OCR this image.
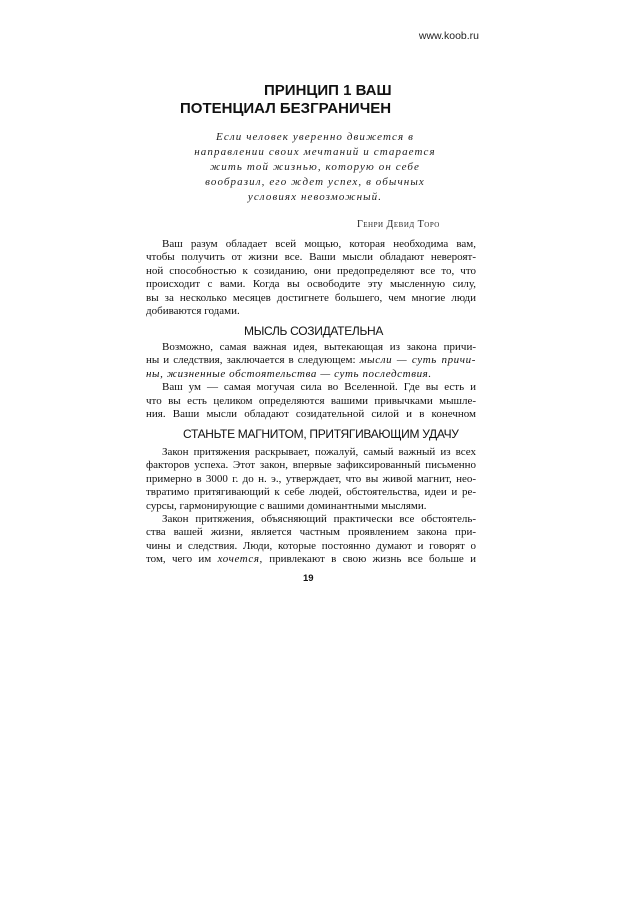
www.koob.ru
ПРИНЦИП 1 ВАШ
ПОТЕНЦИАЛ БЕЗГРАНИЧЕН
Если человек уверенно движется в
направлении своих мечтаний и старается
жить той жизнью, которую он себе
вообразил, его ждет успех, в обычных
условиях невозможный.
Генри Девид Торо
Ваш разум обладает всей мощью, которая необходима вам,
чтобы получить от жизни все. Ваши мысли обладают невероят-
ной способностью к созиданию, они предопределяют все то, что
происходит с вами. Когда вы освободите эту мысленную силу,
вы за несколько месяцев достигнете большего, чем многие люди
добиваются годами.
МЫСЛЬ СОЗИДАТЕЛЬНА
Возможно, самая важная идея, вытекающая из закона причи-
ны и следствия, заключается в следующем: мысли — суть причи-
ны, жизненные обстоятельства — суть последствия.
Ваш ум — самая могучая сила во Вселенной. Где вы есть и
что вы есть целиком определяются вашими привычками мышле-
ния. Ваши мысли обладают созидательной силой и в конечном
СТАНЬТЕ МАГНИТОМ, ПРИТЯГИВАЮЩИМ УДАЧУ
Закон притяжения раскрывает, пожалуй, самый важный из всех
факторов успеха. Этот закон, впервые зафиксированный письменно
примерно в 3000 г. до н. э., утверждает, что вы живой магнит, нео-
твратимо притягивающий к себе людей, обстоятельства, идеи и ре-
сурсы, гармонирующие с вашими доминантными мыслями.
Закон притяжения, объясняющий практически все обстоятель-
ства вашей жизни, является частным проявлением закона при-
чины и следствия. Люди, которые постоянно думают и говорят о
том, чего им хочется, привлекают в свою жизнь все больше и
19
